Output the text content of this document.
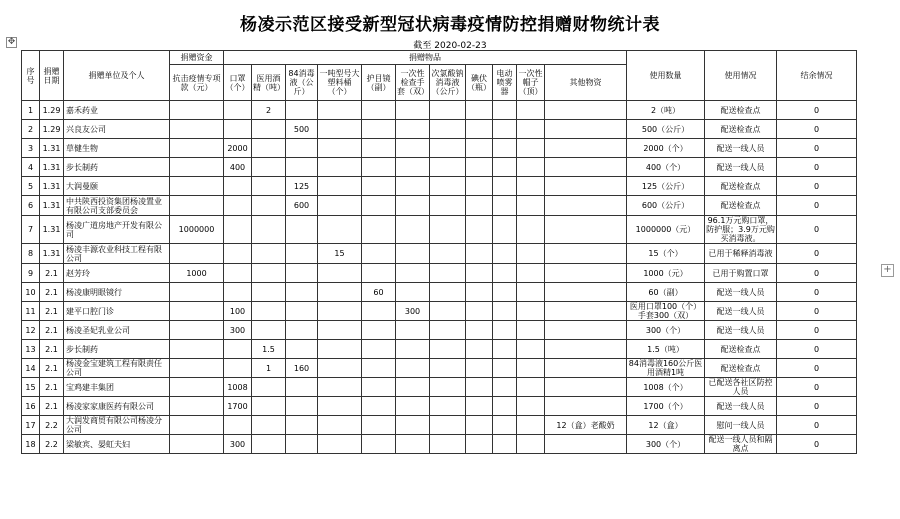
✥
+
杨凌示范区接受新型冠状病毒疫情防控捐赠财物统计表
截至 2020-02-23
序号	捐赠日期	捐赠单位及个人	捐赠资金	捐赠物品											使用数量	使用情况	结余情况
			抗击疫情专项款（元）	口罩（个）	医用酒精（吨）	84消毒液（公斤）	一吨型号大塑料桶（个）	护目镜（副）	一次性检查手套（双）	次氯酸钠消毒液（公斤）	碘伏（瓶）	电动喷雾器	一次性帽子（顶）	其他物资			
1	1.29	嘉禾药业			2										2（吨）	配送检查点	0
2	1.29	兴良友公司				500									500（公斤）	配送检查点	0
3	1.31	草健生物		2000											2000（个）	配送一线人员	0
4	1.31	步长制药		400											400（个）	配送一线人员	0
5	1.31	大润曼颐				125									125（公斤）	配送检查点	0
6	1.31	中共陕西投资集团杨凌置业有限公司支部委员会				600									600（公斤）	配送检查点	0
7	1.31	杨凌广道房地产开发有限公司	1000000												1000000（元）	96.1万元购口罩，防护服；3.9万元购买消毒液。	0
8	1.31	杨凌丰源农业科技工程有限公司					15								15（个）	已用于稀释消毒液	0
9	2.1	赵芳玲	1000												1000（元）	已用于购置口罩	0
10	2.1	杨凌康明眼镜行						60							60（副）	配送一线人员	0
11	2.1	建平口腔门诊		100					300						医用口罩100（个）手套300（双）	配送一线人员	0
12	2.1	杨凌圣妃乳业公司		300											300（个）	配送一线人员	0
13	2.1	步长制药			1.5										1.5（吨）	配送检查点	0
14	2.1	杨凌金宝建筑工程有限责任公司			1	160									84消毒液160公斤医用酒精1吨	配送检查点	0
15	2.1	宝鸡建丰集团		1008											1008（个）	已配送各社区防控人员	0
16	2.1	杨凌家家康医药有限公司		1700											1700（个）	配送一线人员	0
17	2.2	大润发商贸有限公司杨凌分公司												12（盒）老酸奶	12（盒）	慰问一线人员	0
18	2.2	梁敏宾、晏虹夫妇		300											300（个）	配送一线人员和隔离点	0
